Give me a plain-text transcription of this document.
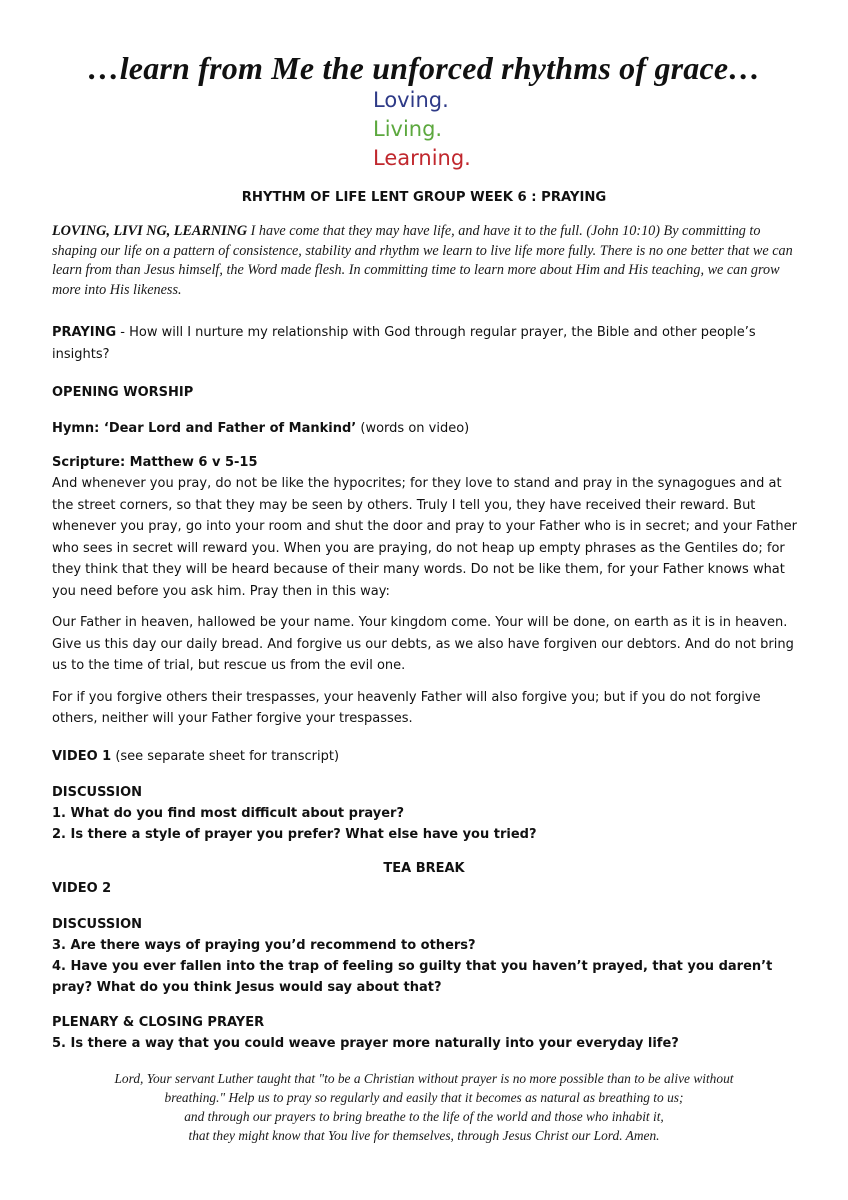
…learn from Me the unforced rhythms of grace…
Loving.
Living.
Learning.
RHYTHM OF LIFE LENT GROUP WEEK 6 : PRAYING
LOVING, LIVI NG, LEARNING I have come that they may have life, and have it to the full. (John 10:10) By committing to shaping our life on a pattern of consistence, stability and rhythm we learn to live life more fully. There is no one better that we can learn from than Jesus himself, the Word made flesh. In committing time to learn more about Him and His teaching, we can grow more into His likeness.

PRAYING - How will I nurture my relationship with God through regular prayer, the Bible and other people’s insights?

OPENING WORSHIP

Hymn: ‘Dear Lord and Father of Mankind’ (words on video)

Scripture: Matthew 6 v 5-15

And whenever you pray, do not be like the hypocrites; for they love to stand and pray in the synagogues and at the street corners, so that they may be seen by others. Truly I tell you, they have received their reward. But whenever you pray, go into your room and shut the door and pray to your Father who is in secret; and your Father who sees in secret will reward you. When you are praying, do not heap up empty phrases as the Gentiles do; for they think that they will be heard because of their many words. Do not be like them, for your Father knows what you need before you ask him. Pray then in this way:

Our Father in heaven, hallowed be your name. Your kingdom come. Your will be done, on earth as it is in heaven. Give us this day our daily bread. And forgive us our debts, as we also have forgiven our debtors. And do not bring us to the time of trial, but rescue us from the evil one.

For if you forgive others their trespasses, your heavenly Father will also forgive you; but if you do not forgive others, neither will your Father forgive your trespasses.

VIDEO 1 (see separate sheet for transcript)

DISCUSSION

1. What do you find most difficult about prayer?

2. Is there a style of prayer you prefer? What else have you tried?

TEA BREAK

VIDEO 2

DISCUSSION

3. Are there ways of praying you’d recommend to others?

4. Have you ever fallen into the trap of feeling so guilty that you haven’t prayed, that you daren’t pray? What do you think Jesus would say about that?

PLENARY & CLOSING PRAYER

5. Is there a way that you could weave prayer more naturally into your everyday life?

Lord, Your servant Luther taught that "to be a Christian without prayer is no more possible than to be alive without
breathing." Help us to pray so regularly and easily that it becomes as natural as breathing to us;
and through our prayers to bring breathe to the life of the world and those who inhabit it,
that they might know that You live for themselves, through Jesus Christ our Lord. Amen.
